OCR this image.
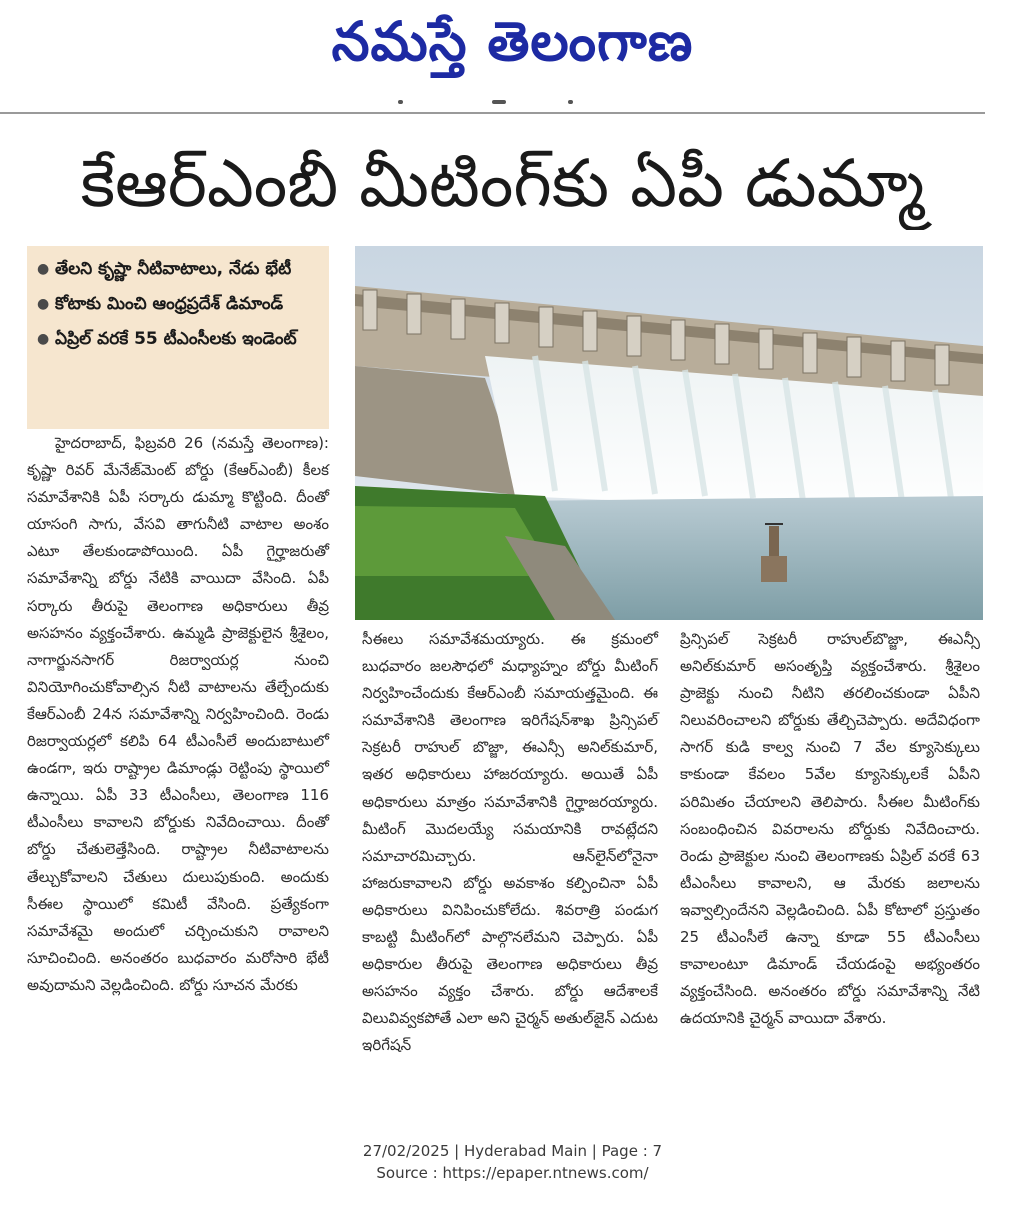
నమస్తే తెలంగాణ
కేఆర్ఎంబీ మీటింగ్‌కు ఏపీ డుమ్మా
● తేలని కృష్ణా నీటివాటాలు, నేడు భేటీ
● కోటాకు మించి ఆంధ్రప్రదేశ్ డిమాండ్
● ఏప్రిల్ వరకే 55 టీఎంసీలకు ఇండెంట్

హైదరాబాద్, ఫిబ్రవరి 26 (నమస్తే తెలంగాణ): కృష్ణా రివర్ మేనేజ్‌మెంట్ బోర్డు (కేఆర్ఎంబీ) కీలక సమావేశానికి ఏపీ సర్కారు డుమ్మా కొట్టింది. దీంతో యాసంగి సాగు, వేసవి తాగునీటి వాటాల అంశం ఎటూ తేలకుండాపోయింది. ఏపీ గైర్హాజరుతో సమావేశాన్ని బోర్డు నేటికి వాయిదా వేసింది. ఏపీ సర్కారు తీరుపై తెలంగాణ అధికారులు తీవ్ర అసహనం వ్యక్తంచేశారు. ఉమ్మడి ప్రాజెక్టులైన శ్రీశైలం, నాగార్జునసాగర్ రిజర్వాయర్ల నుంచి వినియోగించుకోవాల్సిన నీటి వాటాలను తేల్చేందుకు కేఆర్ఎంబీ 24న సమావేశాన్ని నిర్వహించింది. రెండు రిజర్వాయర్లలో కలిపి 64 టీఎంసీలే అందుబాటులో ఉండగా, ఇరు రాష్ట్రాల డిమాండ్లు రెట్టింపు స్థాయిలో ఉన్నాయి. ఏపీ 33 టీఎంసీలు, తెలంగాణ 116 టీఎంసీలు కావాలని బోర్డుకు నివేదించాయి. దీంతో బోర్డు చేతులెత్తేసింది. రాష్ట్రాల నీటివాటాలను తేల్చుకోవాలని చేతులు దులుపుకుంది. అందుకు సీఈల స్థాయిలో కమిటీ వేసింది. ప్రత్యేకంగా సమావేశమై అందులో చర్చించుకుని రావాలని సూచించింది. అనంతరం బుధవారం మరోసారి భేటీ అవుదామని వెల్లడించింది. బోర్డు సూచన మేరకు

సీఈలు సమావేశమయ్యారు. ఈ క్రమంలో బుధవారం జలసౌధలో మధ్యాహ్నం బోర్డు మీటింగ్ నిర్వహించేందుకు కేఆర్ఎంబీ సమాయత్తమైంది. ఈ సమావేశానికి తెలంగాణ ఇరిగేషన్‌శాఖ ప్రిన్సిపల్ సెక్రటరీ రాహుల్ బొజ్జా, ఈఎన్సీ అనిల్‌కుమార్, ఇతర అధికారులు హాజరయ్యారు. అయితే ఏపీ అధికారులు మాత్రం సమావేశానికి గైర్హాజరయ్యారు. మీటింగ్ మొదలయ్యే సమయానికి రావట్లేదని సమాచారమిచ్చారు. ఆన్‌లైన్‌లోనైనా హాజరుకావాలని బోర్డు అవకాశం కల్పించినా ఏపీ అధికారులు వినిపించుకోలేదు. శివరాత్రి పండుగ కాబట్టి మీటింగ్‌లో పాల్గొనలేమని చెప్పారు. ఏపీ అధికారుల తీరుపై తెలంగాణ అధికారులు తీవ్ర అసహనం వ్యక్తం చేశారు. బోర్డు ఆదేశాలకే విలువివ్వకపోతే ఎలా అని చైర్మన్ అతుల్‌జైన్ ఎదుట ఇరిగేషన్

ప్రిన్సిపల్ సెక్రటరీ రాహుల్‌బొజ్జా, ఈఎన్సీ అనిల్‌కుమార్ అసంతృప్తి వ్యక్తంచేశారు. శ్రీశైలం ప్రాజెక్టు నుంచి నీటిని తరలించకుండా ఏపీని నిలువరించాలని బోర్డుకు తేల్చిచెప్పారు. అదేవిధంగా సాగర్ కుడి కాల్వ నుంచి 7 వేల క్యూసెక్కులు కాకుండా కేవలం 5వేల క్యూసెక్కులకే ఏపీని పరిమితం చేయాలని తెలిపారు. సీఈల మీటింగ్‌కు సంబంధించిన వివరాలను బోర్డుకు నివేదించారు. రెండు ప్రాజెక్టుల నుంచి తెలంగాణకు ఏప్రిల్ వరకే 63 టీఎంసీలు కావాలని, ఆ మేరకు జలాలను ఇవ్వాల్సిందేనని వెల్లడించింది. ఏపీ కోటాలో ప్రస్తుతం 25 టీఎంసీలే ఉన్నా కూడా 55 టీఎంసీలు కావాలంటూ డిమాండ్ చేయడంపై అభ్యంతరం వ్యక్తంచేసింది. అనంతరం బోర్డు సమావేశాన్ని నేటి ఉదయానికి చైర్మన్ వాయిదా వేశారు.

27/02/2025 | Hyderabad Main | Page : 7
Source : https://epaper.ntnews.com/
